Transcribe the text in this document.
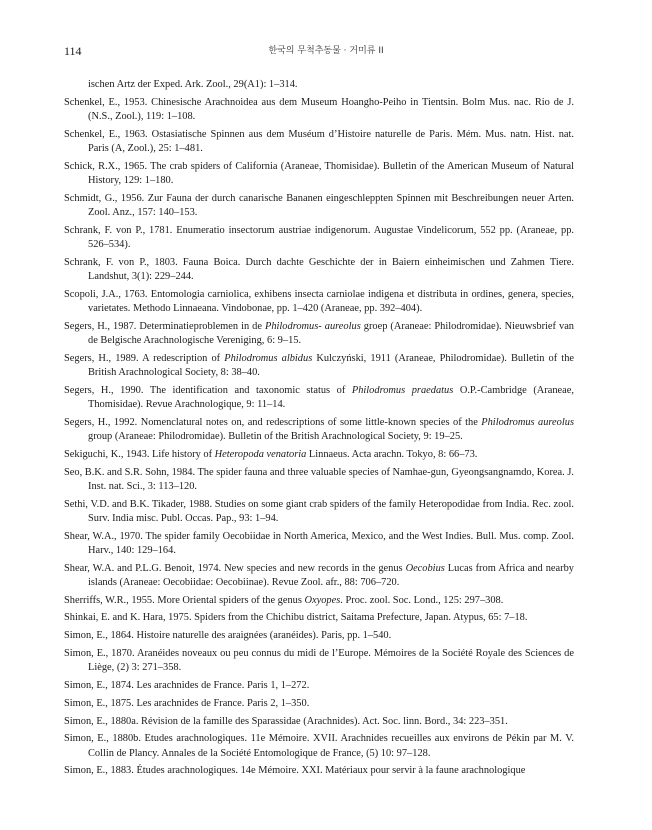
114	한국의 무척추동물 · 거미류 II
ischen Artz der Exped. Ark. Zool., 29(A1): 1–314.
Schenkel, E., 1953. Chinesische Arachnoidea aus dem Museum Hoangho-Peiho in Tientsin. Bolm Mus. nac. Rio de J. (N.S., Zool.), 119: 1–108.
Schenkel, E., 1963. Ostasiatische Spinnen aus dem Muséum d’Histoire naturelle de Paris. Mém. Mus. natn. Hist. nat. Paris (A, Zool.), 25: 1–481.
Schick, R.X., 1965. The crab spiders of California (Araneae, Thomisidae). Bulletin of the American Museum of Natural History, 129: 1–180.
Schmidt, G., 1956. Zur Fauna der durch canarische Bananen eingeschleppten Spinnen mit Beschreibungen neuer Arten. Zool. Anz., 157: 140–153.
Schrank, F. von P., 1781. Enumeratio insectorum austriae indigenorum. Augustae Vindelicorum, 552 pp. (Araneae, pp. 526–534).
Schrank, F. von P., 1803. Fauna Boica. Durch dachte Geschichte der in Baiern einheimischen und Zahmen Tiere. Landshut, 3(1): 229–244.
Scopoli, J.A., 1763. Entomologia carniolica, exhibens insecta carniolae indigena et distributa in ordines, genera, species, varietates. Methodo Linnaeana. Vindobonae, pp. 1–420 (Araneae, pp. 392–404).
Segers, H., 1987. Determinatieproblemen in de Philodromus- aureolus groep (Araneae: Philodromidae). Nieuwsbrief van de Belgische Arachnologische Vereniging, 6: 9–15.
Segers, H., 1989. A redescription of Philodromus albidus Kulczyński, 1911 (Araneae, Philodromidae). Bulletin of the British Arachnological Society, 8: 38–40.
Segers, H., 1990. The identification and taxonomic status of Philodromus praedatus O.P.-Cambridge (Araneae, Thomisidae). Revue Arachnologique, 9: 11–14.
Segers, H., 1992. Nomenclatural notes on, and redescriptions of some little-known species of the Philodromus aureolus group (Araneae: Philodromidae). Bulletin of the British Arachnological Society, 9: 19–25.
Sekiguchi, K., 1943. Life history of Heteropoda venatoria Linnaeus. Acta arachn. Tokyo, 8: 66–73.
Seo, B.K. and S.R. Sohn, 1984. The spider fauna and three valuable species of Namhae-gun, Gyeongsangnamdo, Korea. J. Inst. nat. Sci., 3: 113–120.
Sethi, V.D. and B.K. Tikader, 1988. Studies on some giant crab spiders of the family Heteropodidae from India. Rec. zool. Surv. India misc. Publ. Occas. Pap., 93: 1–94.
Shear, W.A., 1970. The spider family Oecobiidae in North America, Mexico, and the West Indies. Bull. Mus. comp. Zool. Harv., 140: 129–164.
Shear, W.A. and P.L.G. Benoit, 1974. New species and new records in the genus Oecobius Lucas from Africa and nearby islands (Araneae: Oecobiidae: Oecobiinae). Revue Zool. afr., 88: 706–720.
Sherriffs, W.R., 1955. More Oriental spiders of the genus Oxyopes. Proc. zool. Soc. Lond., 125: 297–308.
Shinkai, E. and K. Hara, 1975. Spiders from the Chichibu district, Saitama Prefecture, Japan. Atypus, 65: 7–18.
Simon, E., 1864. Histoire naturelle des araignées (aranéides). Paris, pp. 1–540.
Simon, E., 1870. Aranéides noveaux ou peu connus du midi de l’Europe. Mémoires de la Société Royale des Sciences de Liège, (2) 3: 271–358.
Simon, E., 1874. Les arachnides de France. Paris 1, 1–272.
Simon, E., 1875. Les arachnides de France. Paris 2, 1–350.
Simon, E., 1880a. Révision de la famille des Sparassidae (Arachnides). Act. Soc. linn. Bord., 34: 223–351.
Simon, E., 1880b. Etudes arachnologiques. 11e Mémoire. XVII. Arachnides recueilles aux environs de Pékin par M. V. Collin de Plancy. Annales de la Société Entomologique de France, (5) 10: 97–128.
Simon, E., 1883. Études arachnologiques. 14e Mémoire. XXI. Matériaux pour servir à la faune arachnologique
